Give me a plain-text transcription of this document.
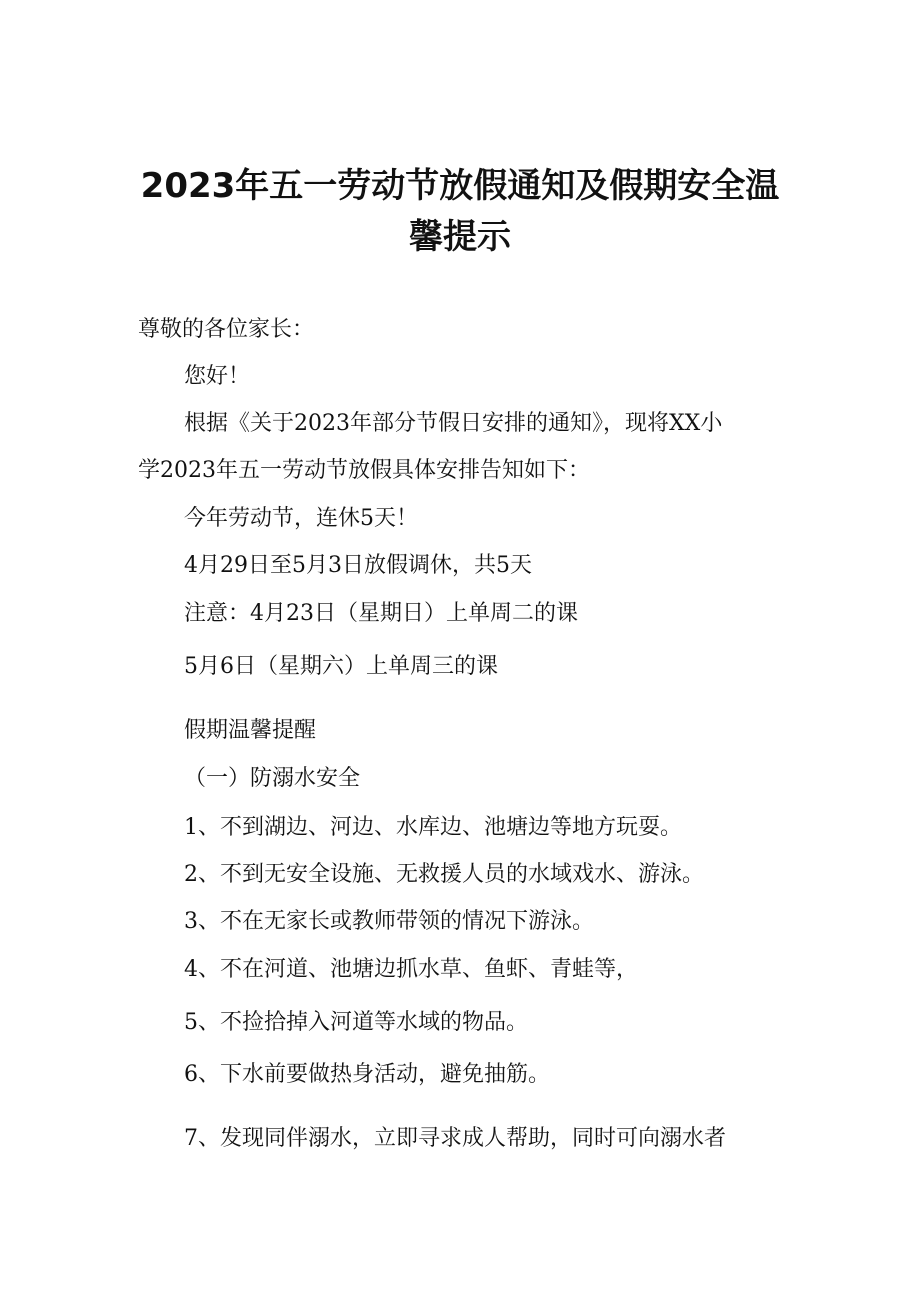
2023年五一劳动节放假通知及假期安全温
馨提示

尊敬的各位家长：

您好！

根据《关于2023年部分节假日安排的通知》，现将XX小

学2023年五一劳动节放假具体安排告知如下：

今年劳动节，连休5天！

4月29日至5月3日放假调休，共5天

注意：4月23日（星期日）上单周二的课

5月6日（星期六）上单周三的课

假期温馨提醒

（一）防溺水安全

1、不到湖边、河边、水库边、池塘边等地方玩耍。

2、不到无安全设施、无救援人员的水域戏水、游泳。

3、不在无家长或教师带领的情况下游泳。

4、不在河道、池塘边抓水草、鱼虾、青蛙等，

5、不捡拾掉入河道等水域的物品。

6、下水前要做热身活动，避免抽筋。

7、发现同伴溺水，立即寻求成人帮助，同时可向溺水者
